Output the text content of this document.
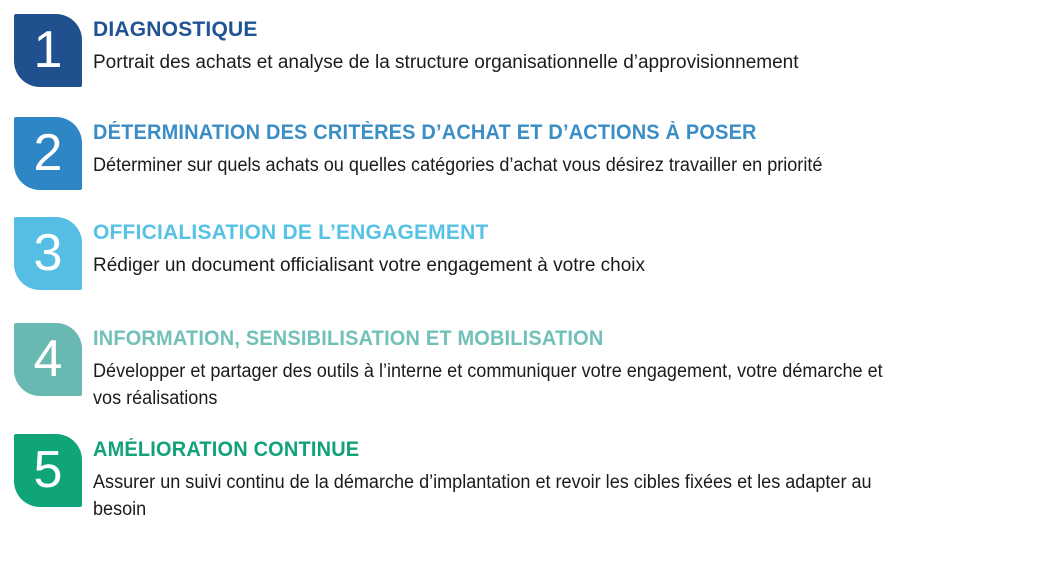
1	DIAGNOSTIQUE

Portrait des achats et analyse de la structure organisationnelle d’approvisionnement

2	DÉTERMINATION DES CRITÈRES D’ACHAT ET D’ACTIONS À POSER

Déterminer sur quels achats ou quelles catégories d’achat vous désirez travailler en priorité

3	OFFICIALISATION DE L’ENGAGEMENT

Rédiger un document officialisant votre engagement à votre choix

4	INFORMATION, SENSIBILISATION ET MOBILISATION

Développer et partager des outils à l’interne et communiquer votre engagement, votre démarche et vos réalisations

5	AMÉLIORATION CONTINUE

Assurer un suivi continu de la démarche d’implantation et revoir les cibles fixées et les adapter au besoin
